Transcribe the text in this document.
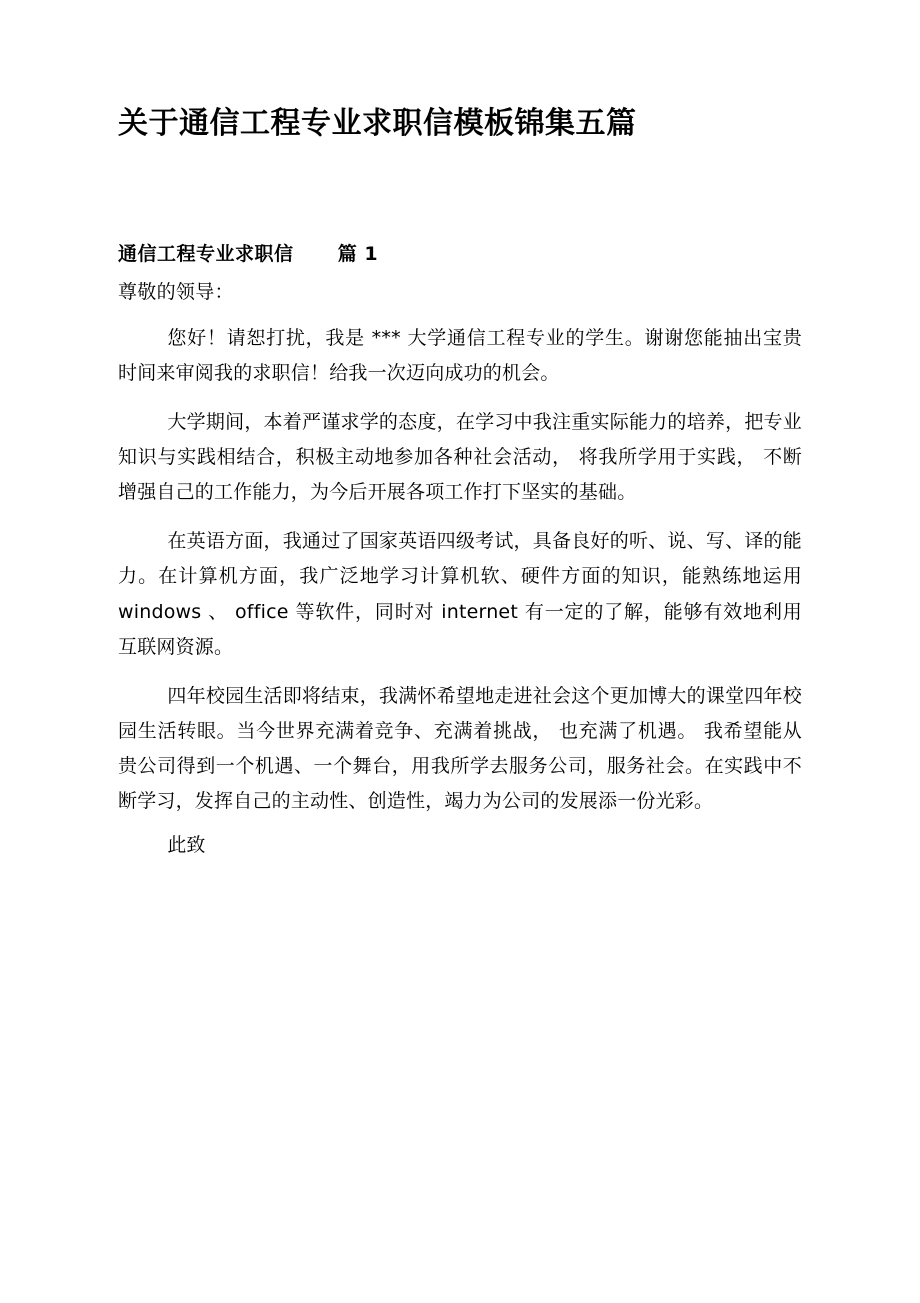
关于通信工程专业求职信模板锦集五篇
通信工程专业求职信 篇 1
尊敬的领导：

您好！请恕打扰，我是 *** 大学通信工程专业的学生。谢谢您能抽出宝贵时间来审阅我的求职信！给我一次迈向成功的机会。

大学期间，本着严谨求学的态度，在学习中我注重实际能力的培养，把专业知识与实践相结合，积极主动地参加各种社会活动， 将我所学用于实践， 不断增强自己的工作能力，为今后开展各项工作打下坚实的基础。

在英语方面，我通过了国家英语四级考试，具备良好的听、说、写、译的能力。在计算机方面，我广泛地学习计算机软、硬件方面的知识，能熟练地运用 windows 、 office 等软件，同时对 internet 有一定的了解，能够有效地利用互联网资源。

四年校园生活即将结束，我满怀希望地走进社会这个更加博大的课堂四年校园生活转眼。当今世界充满着竞争、充满着挑战， 也充满了机遇。 我希望能从贵公司得到一个机遇、一个舞台，用我所学去服务公司，服务社会。在实践中不断学习，发挥自己的主动性、创造性，竭力为公司的发展添一份光彩。

此致
